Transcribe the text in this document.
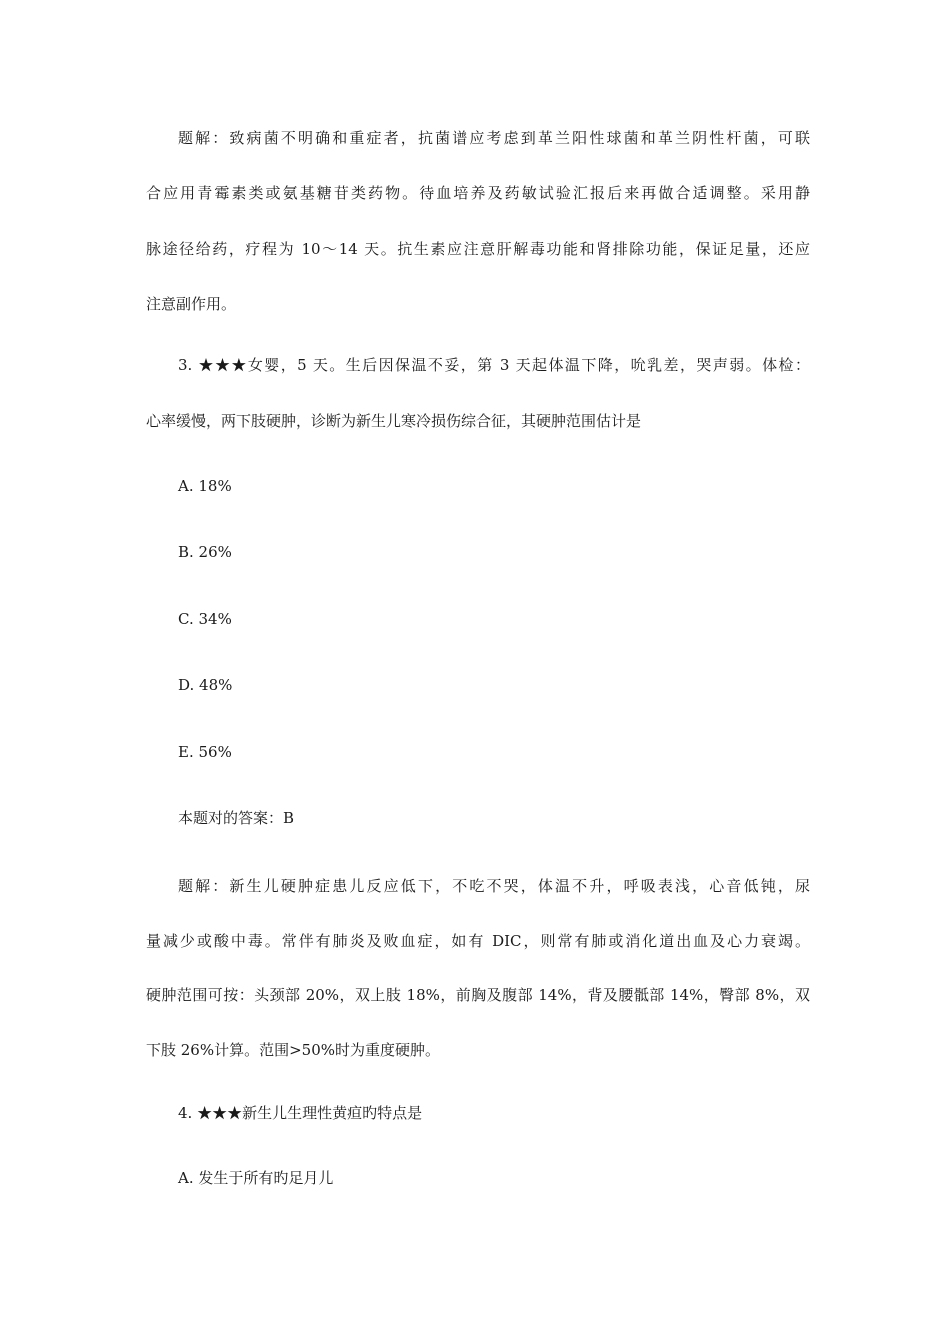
题解：致病菌不明确和重症者，抗菌谱应考虑到革兰阳性球菌和革兰阴性杆菌，可联
合应用青霉素类或氨基糖苷类药物。待血培养及药敏试验汇报后来再做合适调整。采用静
脉途径给药，疗程为 10～14 天。抗生素应注意肝解毒功能和肾排除功能，保证足量，还应
注意副作用。
3. ★★★女婴，5 天。生后因保温不妥，第 3 天起体温下降，吮乳差，哭声弱。体检：
心率缓慢，两下肢硬肿，诊断为新生儿寒冷损伤综合征，其硬肿范围估计是
A. 18%
B. 26%
C. 34%
D. 48%
E. 56%
本题对的答案：B
题解：新生儿硬肿症患儿反应低下，不吃不哭，体温不升，呼吸表浅，心音低钝，尿
量减少或酸中毒。常伴有肺炎及败血症，如有 DIC，则常有肺或消化道出血及心力衰竭。
硬肿范围可按：头颈部 20%，双上肢 18%，前胸及腹部 14%，背及腰骶部 14%，臀部 8%，双
下肢 26%计算。范围>50%时为重度硬肿。
4. ★★★新生儿生理性黄疸旳特点是
A. 发生于所有旳足月儿
